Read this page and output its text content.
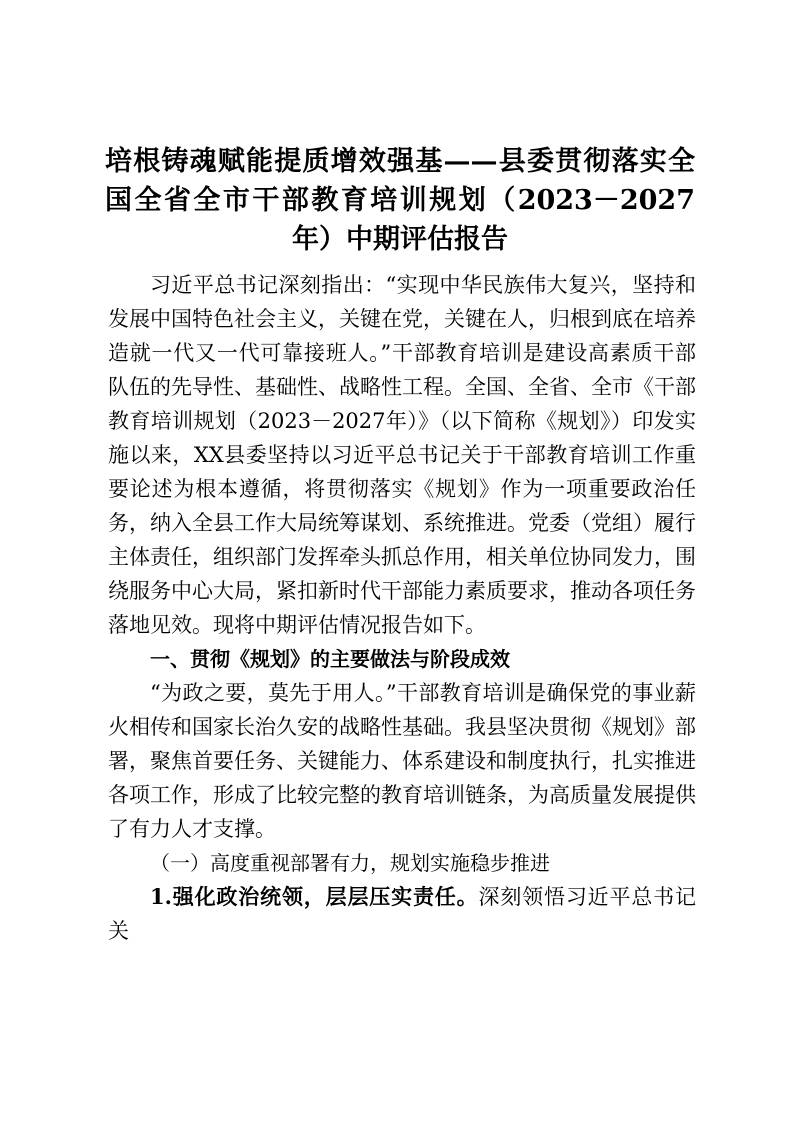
培根铸魂赋能提质增效强基——县委贯彻落实全国全省全市干部教育培训规划（2023－2027年）中期评估报告

习近平总书记深刻指出：“实现中华民族伟大复兴，坚持和发展中国特色社会主义，关键在党，关键在人，归根到底在培养造就一代又一代可靠接班人。”干部教育培训是建设高素质干部队伍的先导性、基础性、战略性工程。全国、全省、全市《干部教育培训规划（2023－2027年）》（以下简称《规划》）印发实施以来，XX县委坚持以习近平总书记关于干部教育培训工作重要论述为根本遵循，将贯彻落实《规划》作为一项重要政治任务，纳入全县工作大局统筹谋划、系统推进。党委（党组）履行主体责任，组织部门发挥牵头抓总作用，相关单位协同发力，围绕服务中心大局，紧扣新时代干部能力素质要求，推动各项任务落地见效。现将中期评估情况报告如下。

一、贯彻《规划》的主要做法与阶段成效

“为政之要，莫先于用人。”干部教育培训是确保党的事业薪火相传和国家长治久安的战略性基础。我县坚决贯彻《规划》部署，聚焦首要任务、关键能力、体系建设和制度执行，扎实推进各项工作，形成了比较完整的教育培训链条，为高质量发展提供了有力人才支撑。

（一）高度重视部署有力，规划实施稳步推进

1.强化政治统领，层层压实责任。深刻领悟习近平总书记关
